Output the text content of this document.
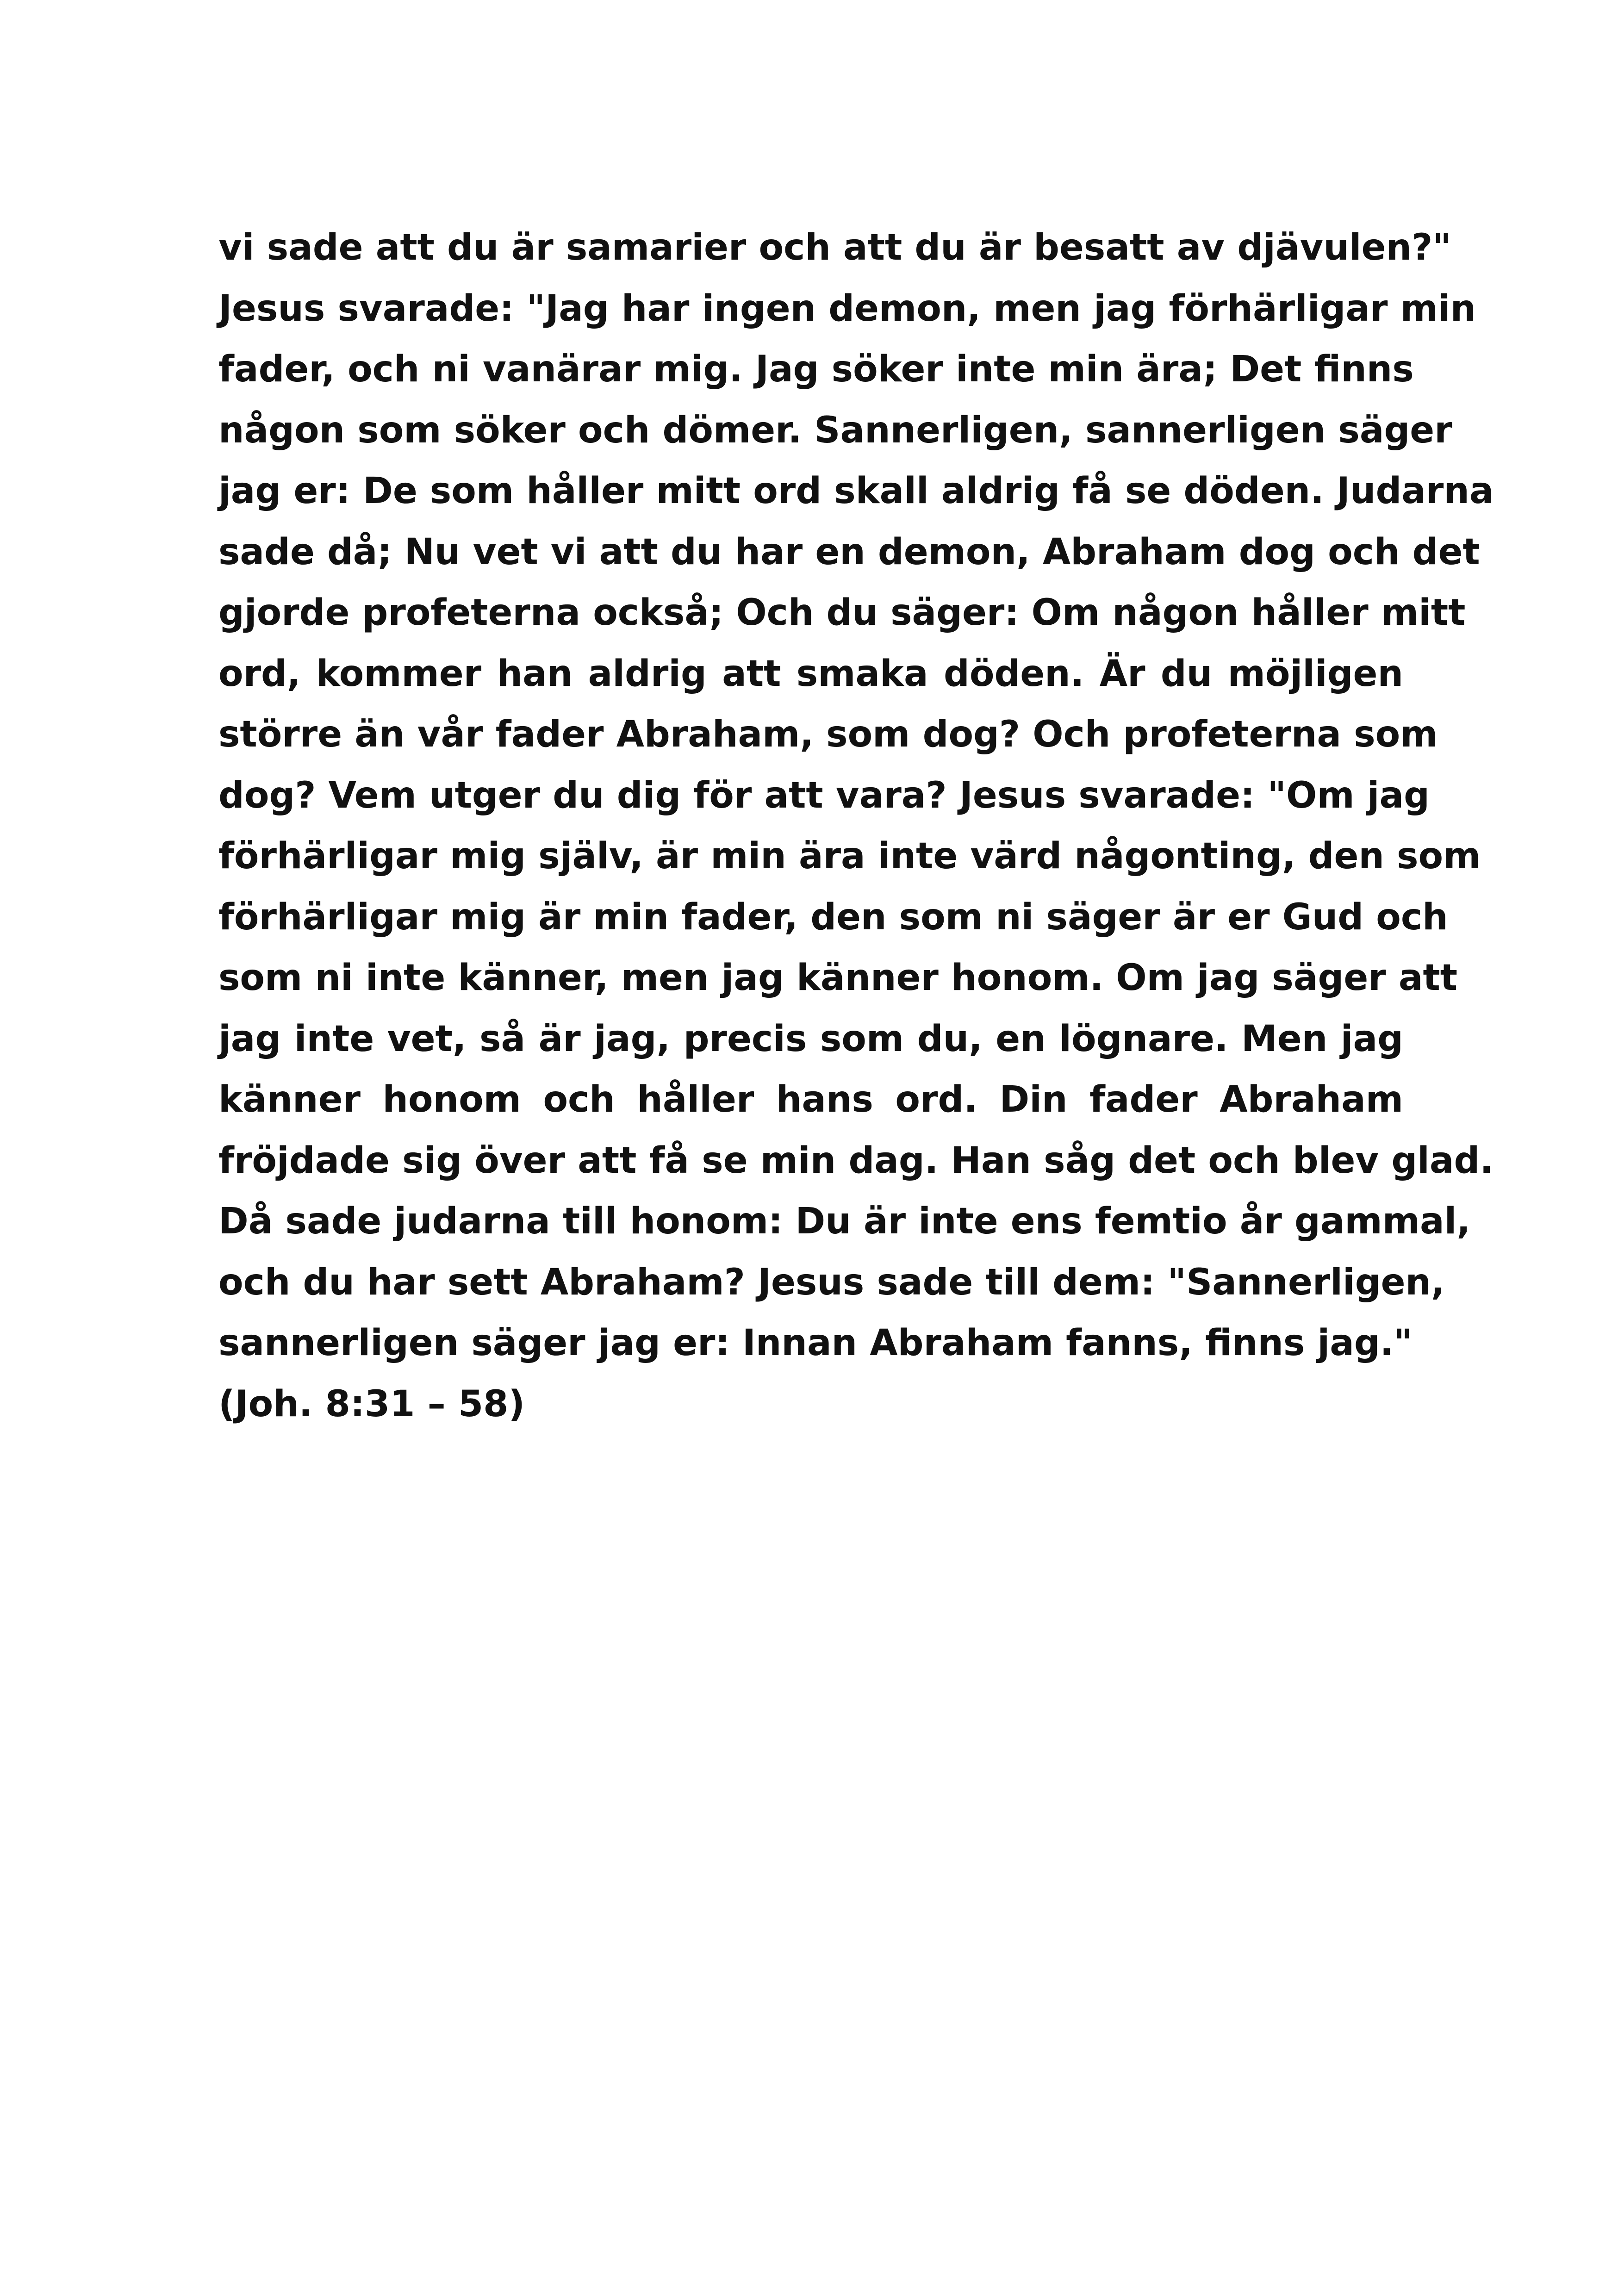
vi sade att du är samarier och att du är besatt av djävulen?"
Jesus svarade: "Jag har ingen demon, men jag förhärligar min
fader, och ni vanärar mig. Jag söker inte min ära; Det finns
någon som söker och dömer. Sannerligen, sannerligen säger
jag er: De som håller mitt ord skall aldrig få se döden. Judarna
sade då; Nu vet vi att du har en demon, Abraham dog och det
gjorde profeterna också; Och du säger: Om någon håller mitt
ord, kommer han aldrig att smaka döden. Är du möjligen
större än vår fader Abraham, som dog? Och profeterna som
dog? Vem utger du dig för att vara? Jesus svarade: "Om jag
förhärligar mig själv, är min ära inte värd någonting, den som
förhärligar mig är min fader, den som ni säger är er Gud och
som ni inte känner, men jag känner honom. Om jag säger att
jag inte vet, så är jag, precis som du, en lögnare. Men jag
känner honom och håller hans ord. Din fader Abraham
fröjdade sig över att få se min dag. Han såg det och blev glad.
Då sade judarna till honom: Du är inte ens femtio år gammal,
och du har sett Abraham? Jesus sade till dem: "Sannerligen,
sannerligen säger jag er: Innan Abraham fanns, finns jag."
(Joh. 8:31 – 58)
